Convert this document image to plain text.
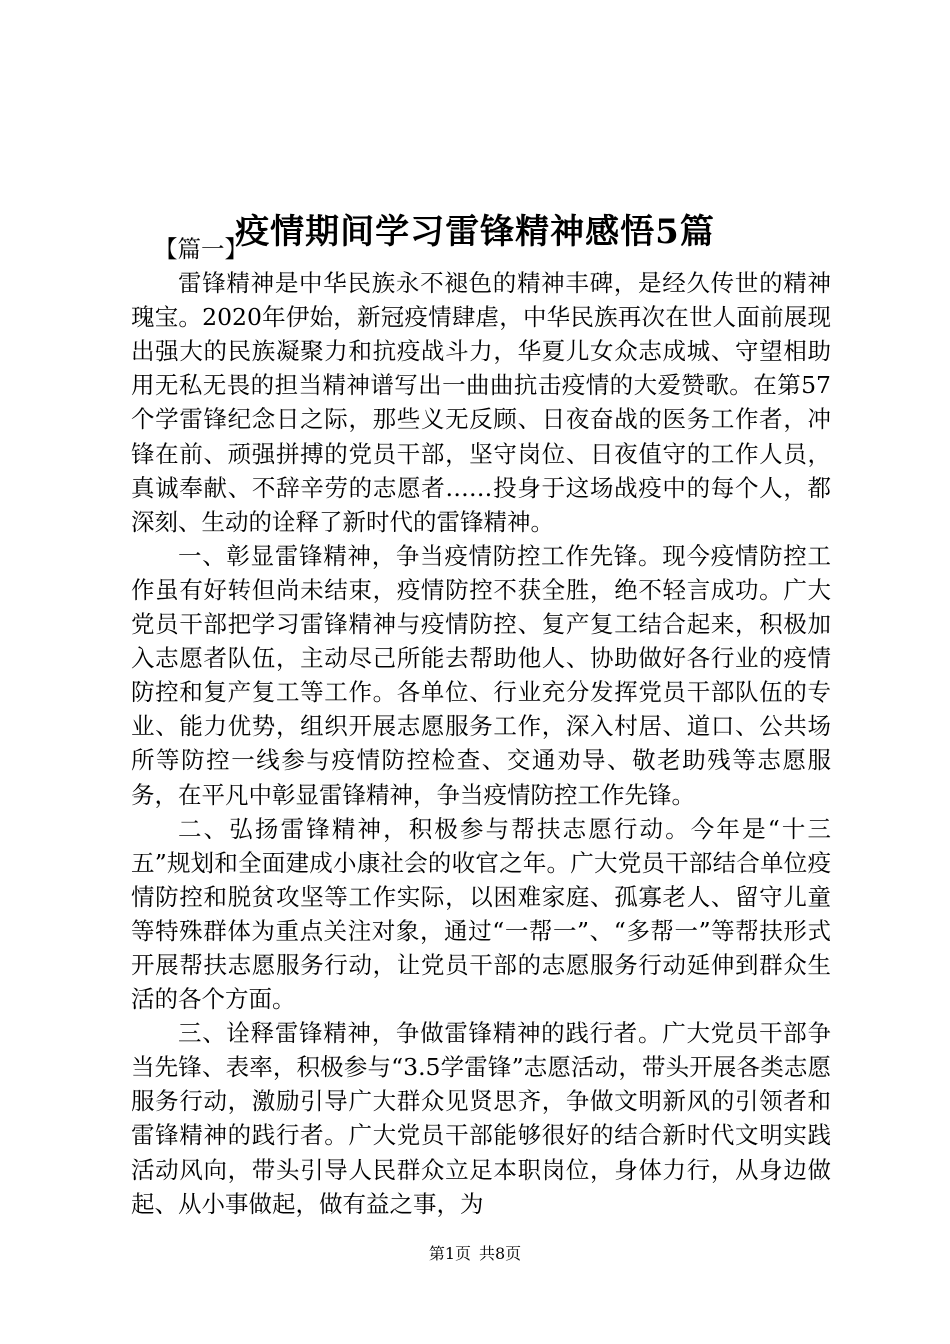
疫情期间学习雷锋精神感悟5篇

【篇一】

雷锋精神是中华民族永不褪色的精神丰碑，是经久传世的精神瑰宝。2020年伊始，新冠疫情肆虐，中华民族再次在世人面前展现出强大的民族凝聚力和抗疫战斗力，华夏儿女众志成城、守望相助用无私无畏的担当精神谱写出一曲曲抗击疫情的大爱赞歌。在第57个学雷锋纪念日之际，那些义无反顾、日夜奋战的医务工作者，冲锋在前、顽强拼搏的党员干部，坚守岗位、日夜值守的工作人员，真诚奉献、不辞辛劳的志愿者……投身于这场战疫中的每个人，都深刻、生动的诠释了新时代的雷锋精神。

一、彰显雷锋精神，争当疫情防控工作先锋。现今疫情防控工作虽有好转但尚未结束，疫情防控不获全胜，绝不轻言成功。广大党员干部把学习雷锋精神与疫情防控、复产复工结合起来，积极加入志愿者队伍，主动尽己所能去帮助他人、协助做好各行业的疫情防控和复产复工等工作。各单位、行业充分发挥党员干部队伍的专业、能力优势，组织开展志愿服务工作，深入村居、道口、公共场所等防控一线参与疫情防控检查、交通劝导、敬老助残等志愿服务，在平凡中彰显雷锋精神，争当疫情防控工作先锋。

二、弘扬雷锋精神，积极参与帮扶志愿行动。今年是“十三五”规划和全面建成小康社会的收官之年。广大党员干部结合单位疫情防控和脱贫攻坚等工作实际，以困难家庭、孤寡老人、留守儿童等特殊群体为重点关注对象，通过“一帮一”、“多帮一”等帮扶形式开展帮扶志愿服务行动，让党员干部的志愿服务行动延伸到群众生活的各个方面。

三、诠释雷锋精神，争做雷锋精神的践行者。广大党员干部争当先锋、表率，积极参与“3.5学雷锋”志愿活动，带头开展各类志愿服务行动，激励引导广大群众见贤思齐，争做文明新风的引领者和雷锋精神的践行者。广大党员干部能够很好的结合新时代文明实践活动风向，带头引导人民群众立足本职岗位，身体力行，从身边做起、从小事做起，做有益之事，为

第1页 共8页
